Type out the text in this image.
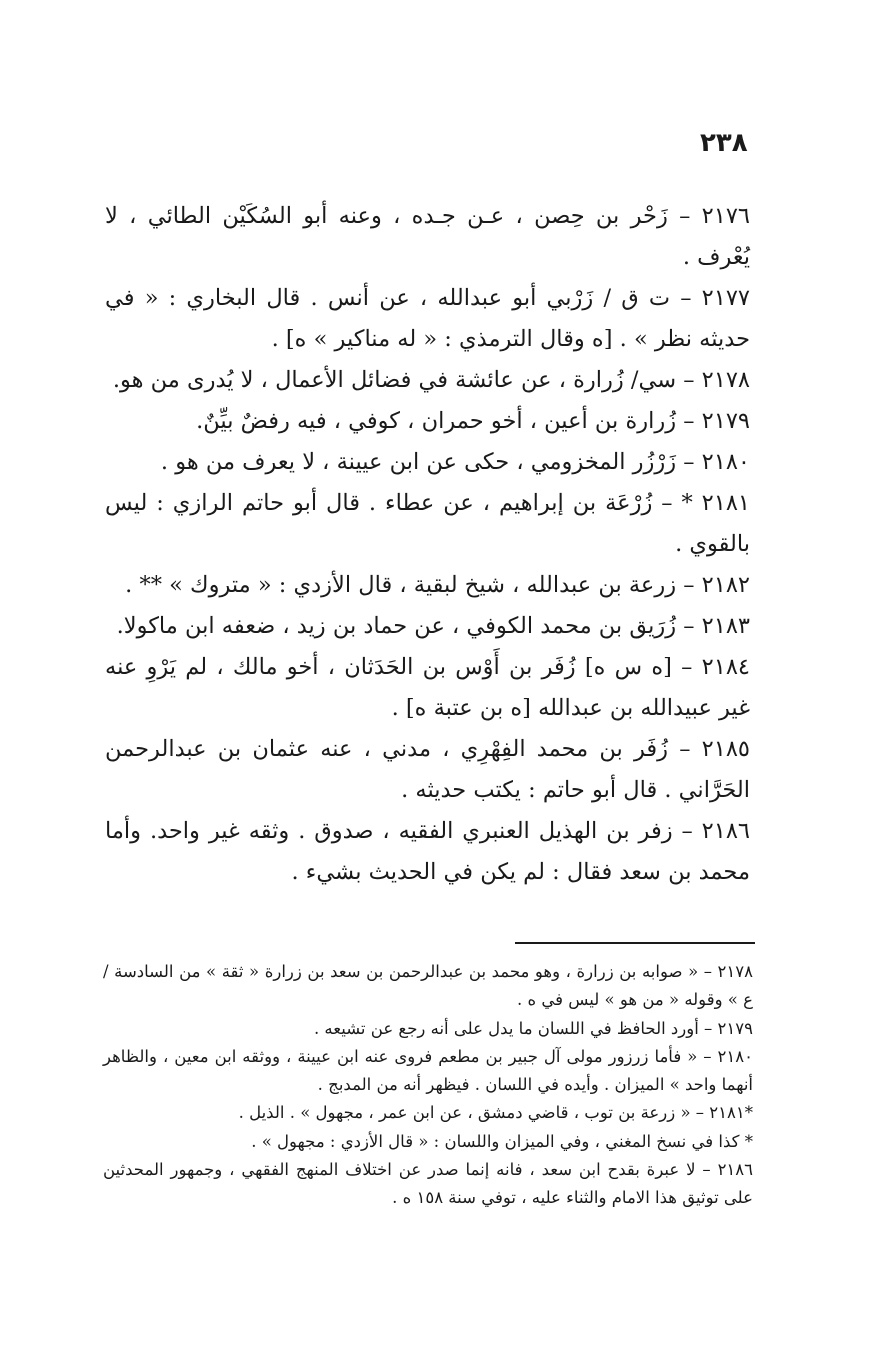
٢٣٨

٢١٧٦ – زَحْر بن حِصن ، عـن جـده ، وعنه أبو السُكَيْن الطائي ، لا يُعْرف .

٢١٧٧ – ت ق / زَرْبي أبو عبدالله ، عن أنس . قال البخاري : « في حديثه نظر » . [ه وقال الترمذي : « له مناكير » ه] .

٢١٧٨ – سي/ زُرارة ، عن عائشة في فضائل الأعمال ، لا يُدرى من هو.

٢١٧٩ – زُرارة بن أعين ، أخو حمران ، كوفي ، فيه رفضٌ بيِّنٌ.

٢١٨٠ – زَرْزُر المخزومي ، حكى عن ابن عيينة ، لا يعرف من هو .

٢١٨١ * – زُرْعَة بن إبراهيم ، عن عطاء . قال أبو حاتم الرازي : ليس بالقوي .

٢١٨٢ – زرعة بن عبدالله ، شيخ لبقية ، قال الأزدي : « متروك » ** .

٢١٨٣ – زُرَيق بن محمد الكوفي ، عن حماد بن زيد ، ضعفه ابن ماكولا.

٢١٨٤ – [ه س ه] زُفَر بن أَوْس بن الحَدَثان ، أخو مالك ، لم يَرْوِ عنه غير عبيدالله بن عبدالله [ه بن عتبة ه] .

٢١٨٥ – زُفَر بن محمد الفِهْرِي ، مدني ، عنه عثمان بن عبدالرحمن الحَرَّاني . قال أبو حاتم : يكتب حديثه .

٢١٨٦ – زفر بن الهذيل العنبري الفقيه ، صدوق . وثقه غير واحد. وأما محمد بن سعد فقال : لم يكن في الحديث بشيء .

٢١٧٨ – « صوابه بن زرارة ، وهو محمد بن عبدالرحمن بن سعد بن زرارة « ثقة » من السادسة / ع » وقوله « من هو » ليس في ه .

٢١٧٩ – أورد الحافظ في اللسان ما يدل على أنه رجع عن تشيعه .

٢١٨٠ – « فأما زرزور مولى آل جبير بن مطعم فروى عنه ابن عيينة ، ووثقه ابن معين ، والظاهر أنهما واحد » الميزان . وأيده في اللسان . فيظهر أنه من المدبج .

*٢١٨١ – « زرعة بن توب ، قاضي دمشق ، عن ابن عمر ، مجهول » . الذيل .

* كذا في نسخ المغني ، وفي الميزان واللسان : « قال الأزدي : مجهول » .

٢١٨٦ – لا عبرة بقدح ابن سعد ، فانه إنما صدر عن اختلاف المنهج الفقهي ، وجمهور المحدثين على توثيق هذا الامام والثناء عليه ، توفي سنة ١٥٨ ه .
